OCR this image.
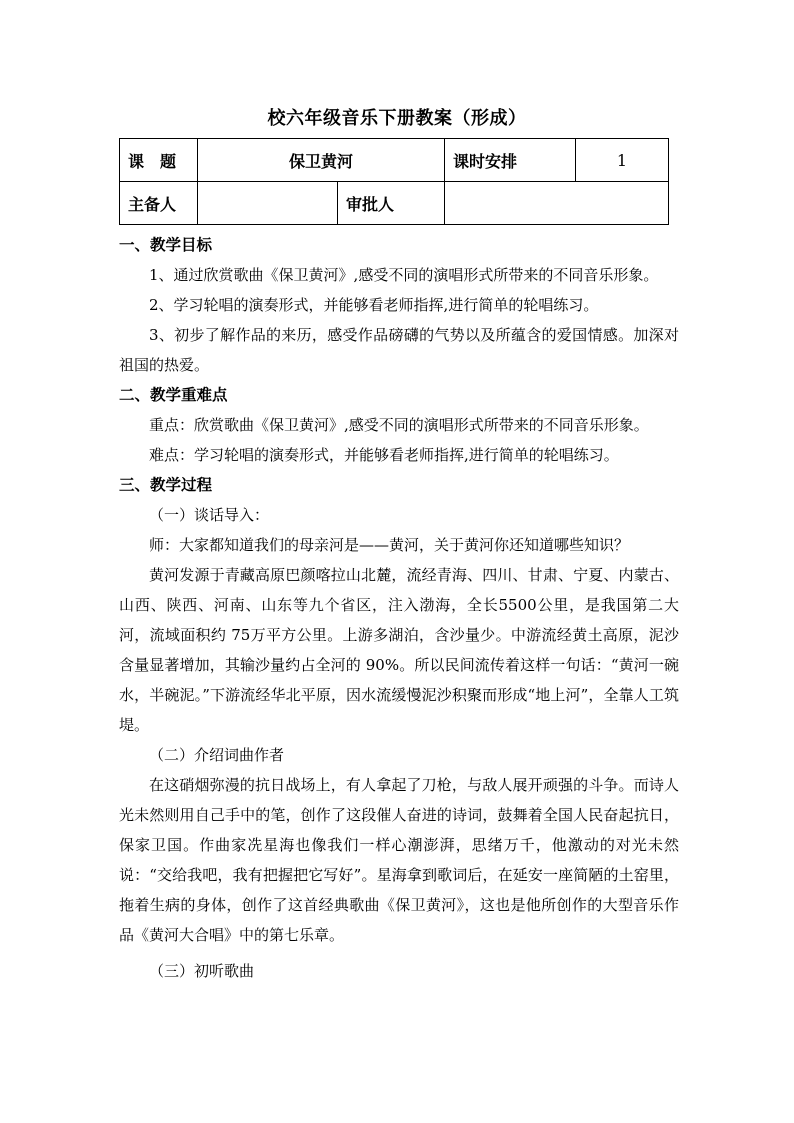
校六年级音乐下册教案（形成）
课　题	保卫黄河		课时安排	1
主备人		审批人		

一、教学目标

1、通过欣赏歌曲《保卫黄河》,感受不同的演唱形式所带来的不同音乐形象。

2、学习轮唱的演奏形式，并能够看老师指挥,进行简单的轮唱练习。

3、初步了解作品的来历，感受作品磅礴的气势以及所蕴含的爱国情感。加深对祖国的热爱。

二、教学重难点

重点：欣赏歌曲《保卫黄河》,感受不同的演唱形式所带来的不同音乐形象。

难点：学习轮唱的演奏形式，并能够看老师指挥,进行简单的轮唱练习。

三、教学过程

（一）谈话导入：

师：大家都知道我们的母亲河是——黄河，关于黄河你还知道哪些知识？

黄河发源于青藏高原巴颜喀拉山北麓，流经青海、四川、甘肃、宁夏、内蒙古、山西、陕西、河南、山东等九个省区，注入渤海，全长5500公里，是我国第二大河，流域面积约 75万平方公里。上游多湖泊，含沙量少。中游流经黄土高原，泥沙含量显著增加，其输沙量约占全河的 90%。所以民间流传着这样一句话：“黄河一碗水，半碗泥。”下游流经华北平原，因水流缓慢泥沙积聚而形成“地上河”，全靠人工筑堤。

（二）介绍词曲作者

在这硝烟弥漫的抗日战场上，有人拿起了刀枪，与敌人展开顽强的斗争。而诗人光未然则用自己手中的笔，创作了这段催人奋进的诗词，鼓舞着全国人民奋起抗日，保家卫国。作曲家冼星海也像我们一样心潮澎湃，思绪万千，他激动的对光未然说：“交给我吧，我有把握把它写好”。星海拿到歌词后，在延安一座简陋的土窑里，拖着生病的身体，创作了这首经典歌曲《保卫黄河》，这也是他所创作的大型音乐作品《黄河大合唱》中的第七乐章。

（三）初听歌曲
